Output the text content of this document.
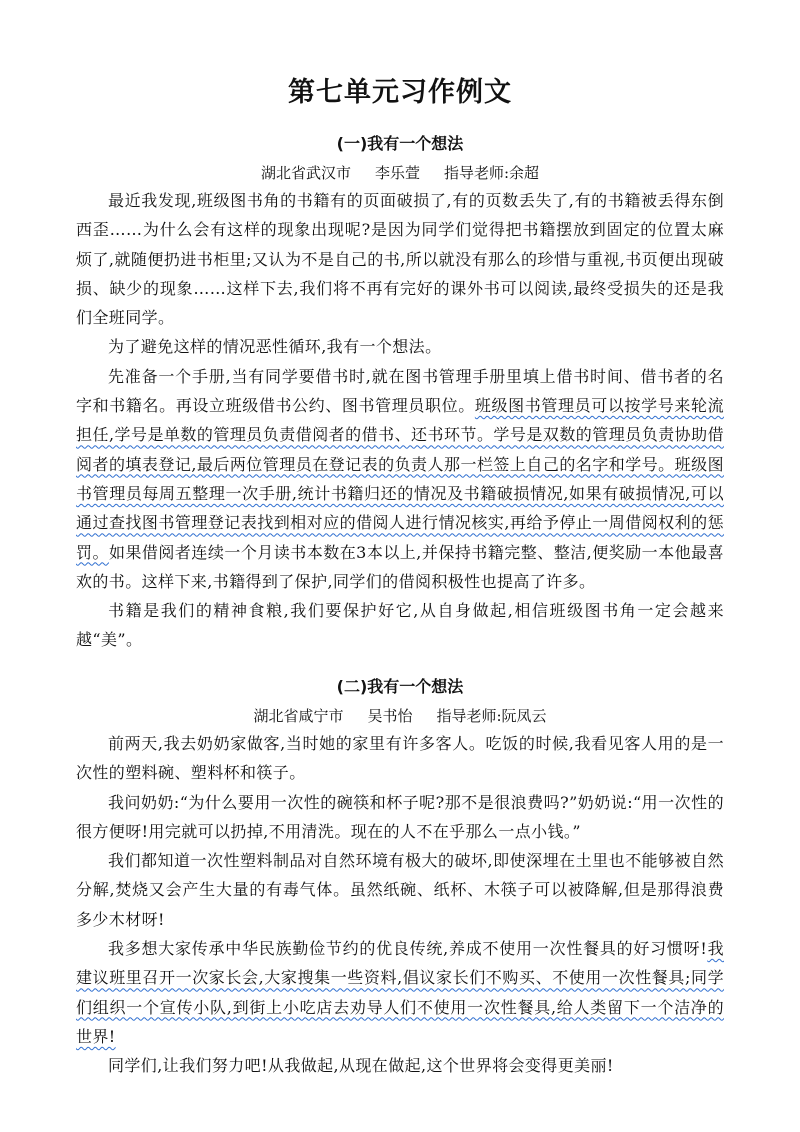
第七单元习作例文

(一)我有一个想法

湖北省武汉市 李乐萱 指导老师:余超

最近我发现,班级图书角的书籍有的页面破损了,有的页数丢失了,有的书籍被丢得东倒西歪……为什么会有这样的现象出现呢?是因为同学们觉得把书籍摆放到固定的位置太麻烦了,就随便扔进书柜里;又认为不是自己的书,所以就没有那么的珍惜与重视,书页便出现破损、缺少的现象……这样下去,我们将不再有完好的课外书可以阅读,最终受损失的还是我们全班同学。

为了避免这样的情况恶性循环,我有一个想法。

先准备一个手册,当有同学要借书时,就在图书管理手册里填上借书时间、借书者的名字和书籍名。再设立班级借书公约、图书管理员职位。班级图书管理员可以按学号来轮流担任,学号是单数的管理员负责借阅者的借书、还书环节。学号是双数的管理员负责协助借阅者的填表登记,最后两位管理员在登记表的负责人那一栏签上自己的名字和学号。班级图书管理员每周五整理一次手册,统计书籍归还的情况及书籍破损情况,如果有破损情况,可以通过查找图书管理登记表找到相对应的借阅人进行情况核实,再给予停止一周借阅权利的惩罚。如果借阅者连续一个月读书本数在3本以上,并保持书籍完整、整洁,便奖励一本他最喜欢的书。这样下来,书籍得到了保护,同学们的借阅积极性也提高了许多。

书籍是我们的精神食粮,我们要保护好它,从自身做起,相信班级图书角一定会越来越“美”。

(二)我有一个想法

湖北省咸宁市 吴书怡 指导老师:阮凤云

前两天,我去奶奶家做客,当时她的家里有许多客人。吃饭的时候,我看见客人用的是一次性的塑料碗、塑料杯和筷子。

我问奶奶:“为什么要用一次性的碗筷和杯子呢?那不是很浪费吗?”奶奶说:“用一次性的很方便呀!用完就可以扔掉,不用清洗。现在的人不在乎那么一点小钱。”

我们都知道一次性塑料制品对自然环境有极大的破坏,即使深埋在土里也不能够被自然分解,焚烧又会产生大量的有毒气体。虽然纸碗、纸杯、木筷子可以被降解,但是那得浪费多少木材呀!

我多想大家传承中华民族勤俭节约的优良传统,养成不使用一次性餐具的好习惯呀!我建议班里召开一次家长会,大家搜集一些资料,倡议家长们不购买、不使用一次性餐具;同学们组织一个宣传小队,到街上小吃店去劝导人们不使用一次性餐具,给人类留下一个洁净的世界!

同学们,让我们努力吧!从我做起,从现在做起,这个世界将会变得更美丽!
